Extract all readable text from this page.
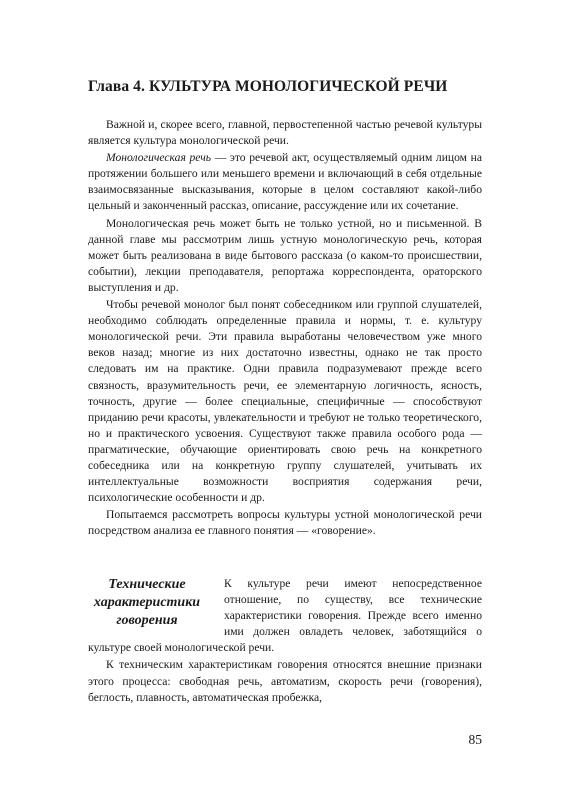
Глава 4. КУЛЬТУРА МОНОЛОГИЧЕСКОЙ РЕЧИ

Важной и, скорее всего, главной, первостепенной частью речевой культуры является культура монологической речи.

Монологическая речь — это речевой акт, осуществляемый одним лицом на протяжении большего или меньшего времени и включающий в себя отдельные взаимосвязанные высказывания, которые в целом составляют какой-либо цельный и законченный рассказ, описание, рассуждение или их сочетание.

Монологическая речь может быть не только устной, но и письменной. В данной главе мы рассмотрим лишь устную монологическую речь, которая может быть реализована в виде бытового рассказа (о каком-то происшествии, событии), лекции преподавателя, репортажа корреспондента, ораторского выступления и др.

Чтобы речевой монолог был понят собеседником или группой слушателей, необходимо соблюдать определенные правила и нормы, т. е. культуру монологической речи. Эти правила выработаны человечеством уже много веков назад; многие из них достаточно известны, однако не так просто следовать им на практике. Одни правила подразумевают прежде всего связность, вразумительность речи, ее элементарную логичность, ясность, точность, другие — более специальные, специфичные — способствуют приданию речи красоты, увлекательности и требуют не только теоретического, но и практического усвоения. Существуют также правила особого рода — прагматические, обучающие ориентировать свою речь на конкретного собеседника или на конкретную группу слушателей, учитывать их интеллектуальные возможности восприятия содержания речи, психологические особенности и др.

Попытаемся рассмотреть вопросы культуры устной монологической речи посредством анализа ее главного понятия — «говорение».

Технические характеристики говорения

К культуре речи имеют непосредственное отношение, по существу, все технические характеристики говорения. Прежде всего именно ими должен овладеть человек, заботящийся о культуре своей монологической речи.

К техническим характеристикам говорения относятся внешние признаки этого процесса: свободная речь, автоматизм, скорость речи (говорения), беглость, плавность, автоматическая пробежка,

85
